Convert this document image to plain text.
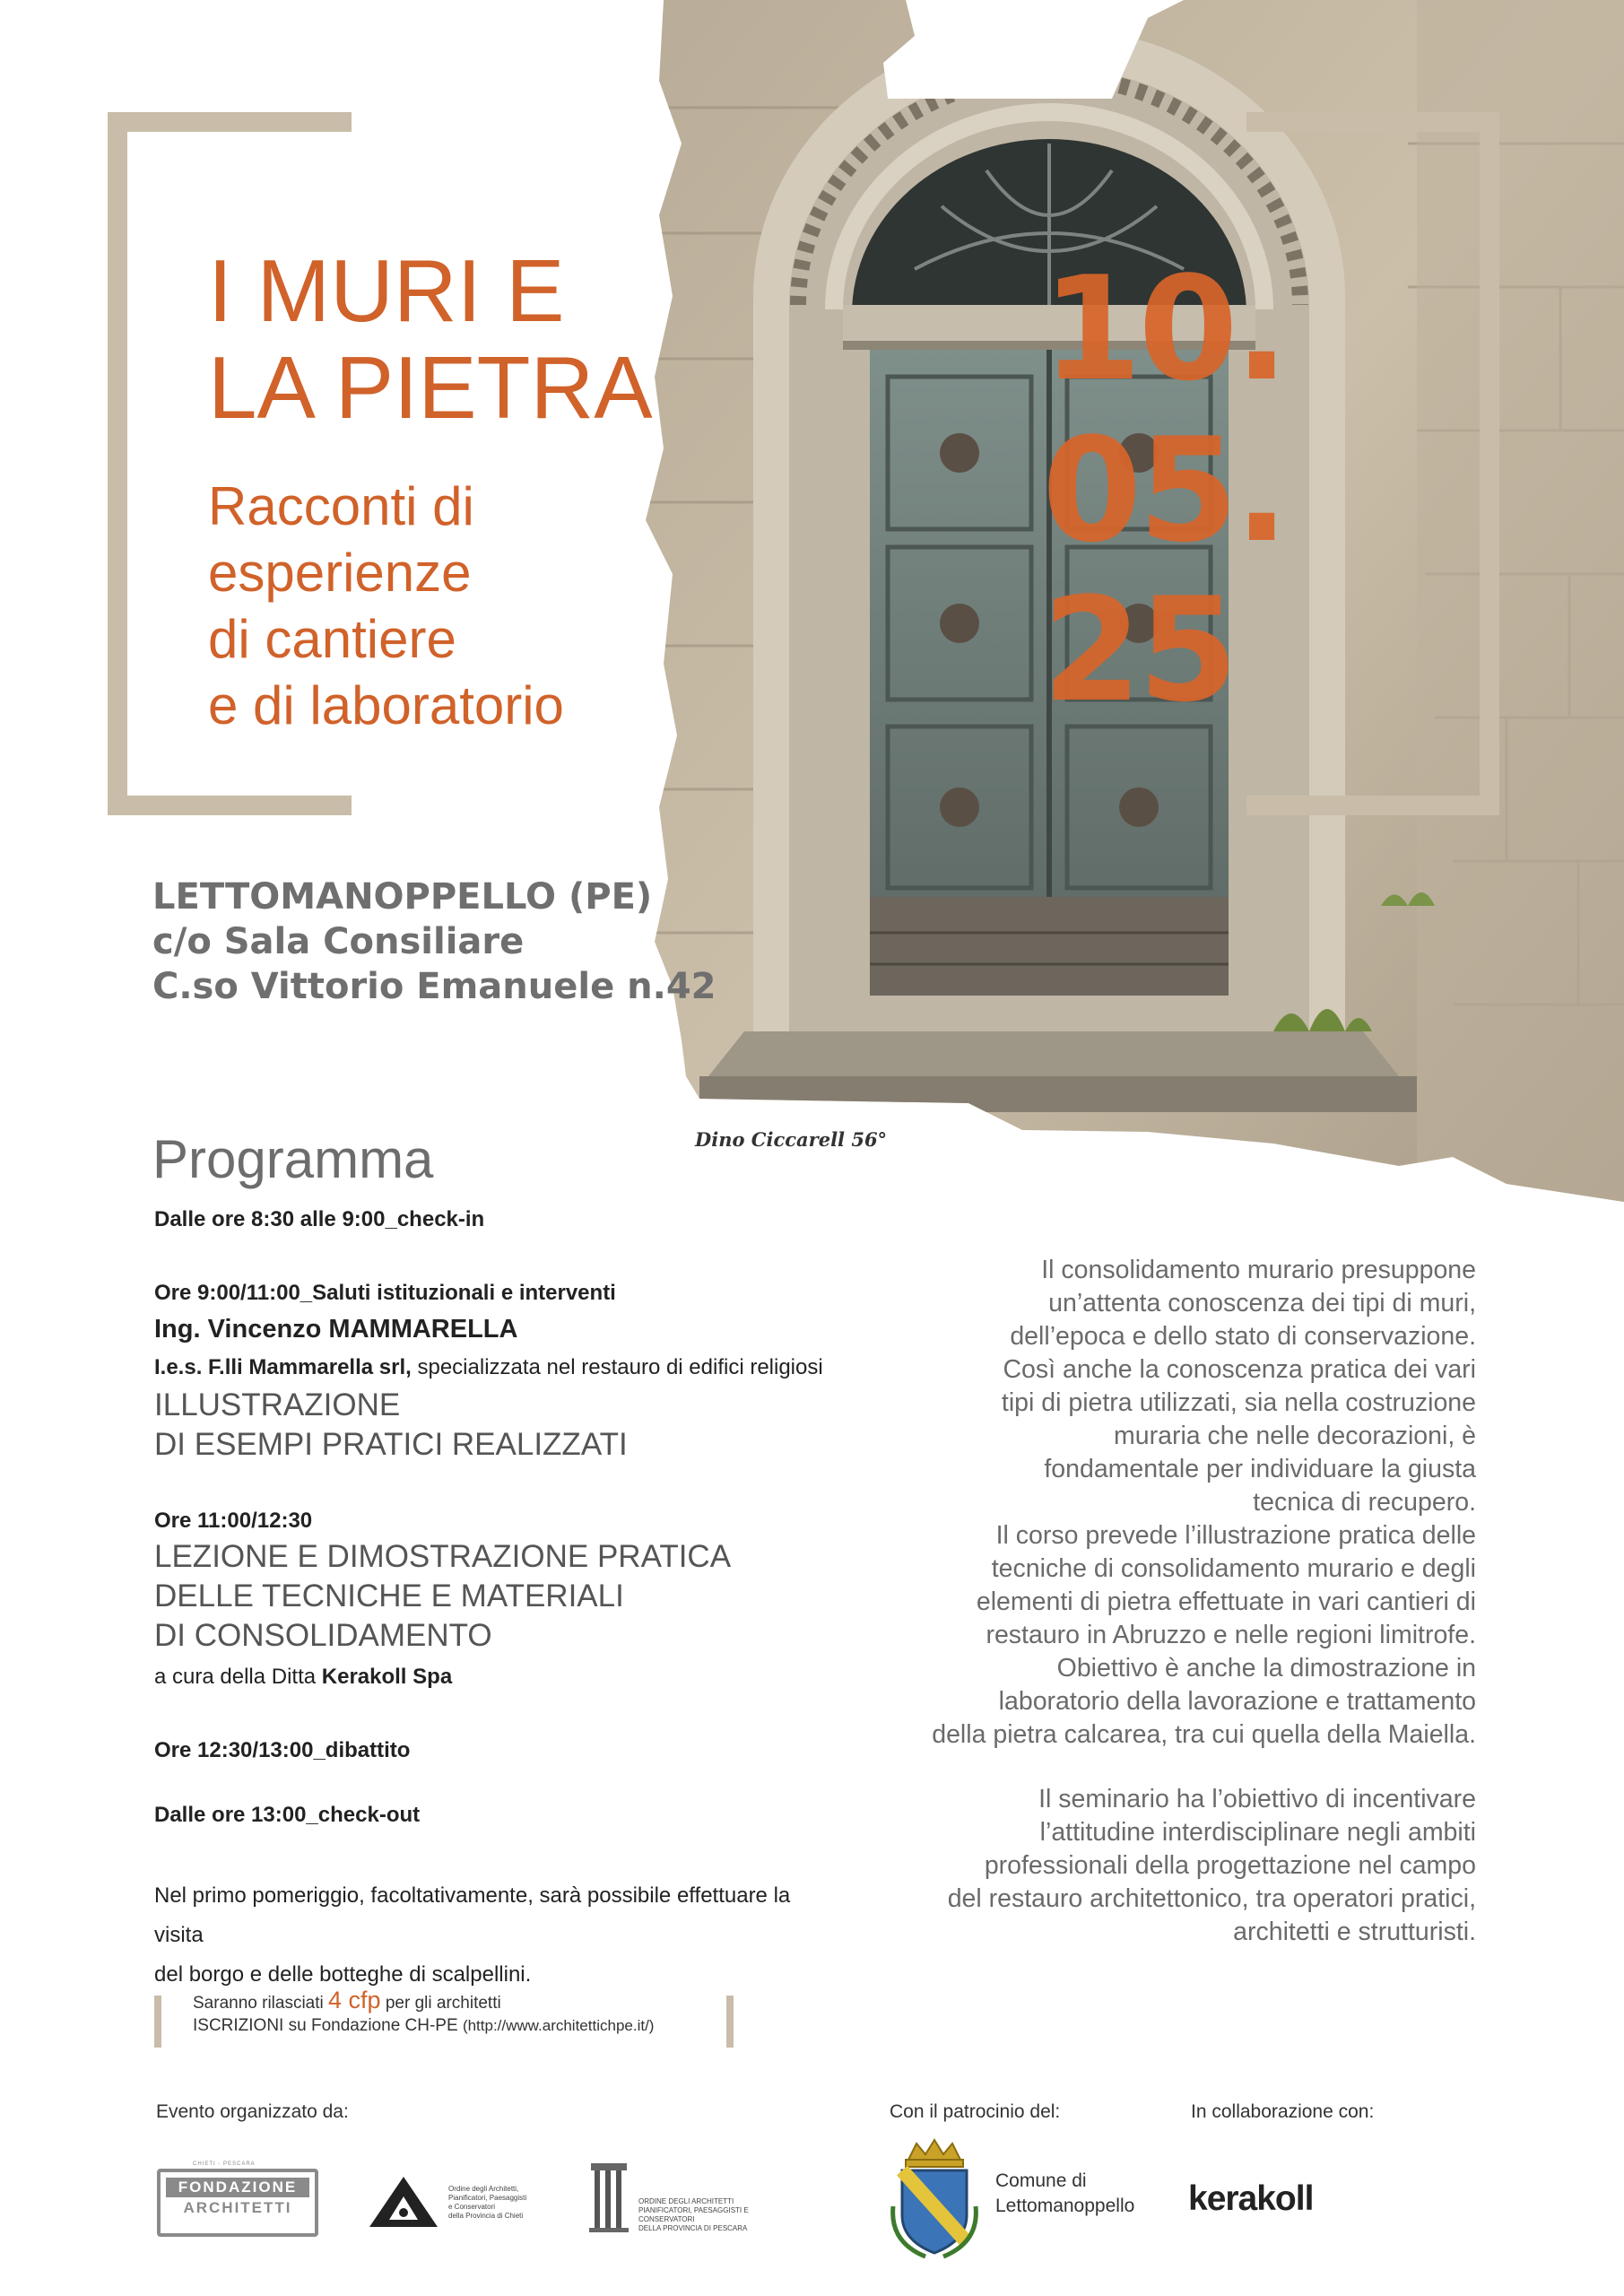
I MURI E
LA PIETRA
Racconti di
esperienze
di cantiere
e di laboratorio
10.
05.
25
LETTOMANOPPELLO (PE)
c/o Sala Consiliare
C.so Vittorio Emanuele n.42
Dino Ciccarell 56°
Programma
Dalle ore 8:30 alle 9:00_check-in
Ore 9:00/11:00_Saluti istituzionali e interventi
Ing. Vincenzo MAMMARELLA
I.e.s. F.lli Mammarella srl, specializzata nel restauro di edifici religiosi
ILLUSTRAZIONE
DI ESEMPI PRATICI REALIZZATI
Ore 11:00/12:30
LEZIONE E DIMOSTRAZIONE PRATICA
DELLE TECNICHE E MATERIALI
DI CONSOLIDAMENTO
a cura della Ditta Kerakoll Spa
Ore 12:30/13:00_dibattito
Dalle ore 13:00_check-out
Nel primo pomeriggio, facoltativamente, sarà possibile effettuare la visita
del borgo e delle botteghe di scalpellini.
Il consolidamento murario presuppone
un’attenta conoscenza dei tipi di muri,
dell’epoca e dello stato di conservazione.
Così anche la conoscenza pratica dei vari
tipi di pietra utilizzati, sia nella costruzione
muraria che nelle decorazioni, è
fondamentale per individuare la giusta
tecnica di recupero.
Il corso prevede l’illustrazione pratica delle
tecniche di consolidamento murario e degli
elementi di pietra effettuate in vari cantieri di
restauro in Abruzzo e nelle regioni limitrofe.
Obiettivo è anche la dimostrazione in
laboratorio della lavorazione e trattamento
della pietra calcarea, tra cui quella della Maiella.
Il seminario ha l’obiettivo di incentivare
l’attitudine interdisciplinare negli ambiti
professionali della progettazione nel campo
del restauro architettonico, tra operatori pratici,
architetti e strutturisti.
Saranno rilasciati 4 cfp per gli architetti
ISCRIZIONI su Fondazione CH-PE (http://www.architettichpe.it/)
Evento organizzato da:	Con il patrocinio del:	In collaborazione con:
CHIETI - PESCARA
FONDAZIONE
ARCHITETTI
Ordine degli Architetti,
Pianificatori, Paesaggisti
e Conservatori
della Provincia di Chieti
ORDINE DEGLI ARCHITETTI
PIANIFICATORI, PAESAGGISTI E
CONSERVATORI
DELLA PROVINCIA DI PESCARA
Comune di
Lettomanoppello kerakoll
